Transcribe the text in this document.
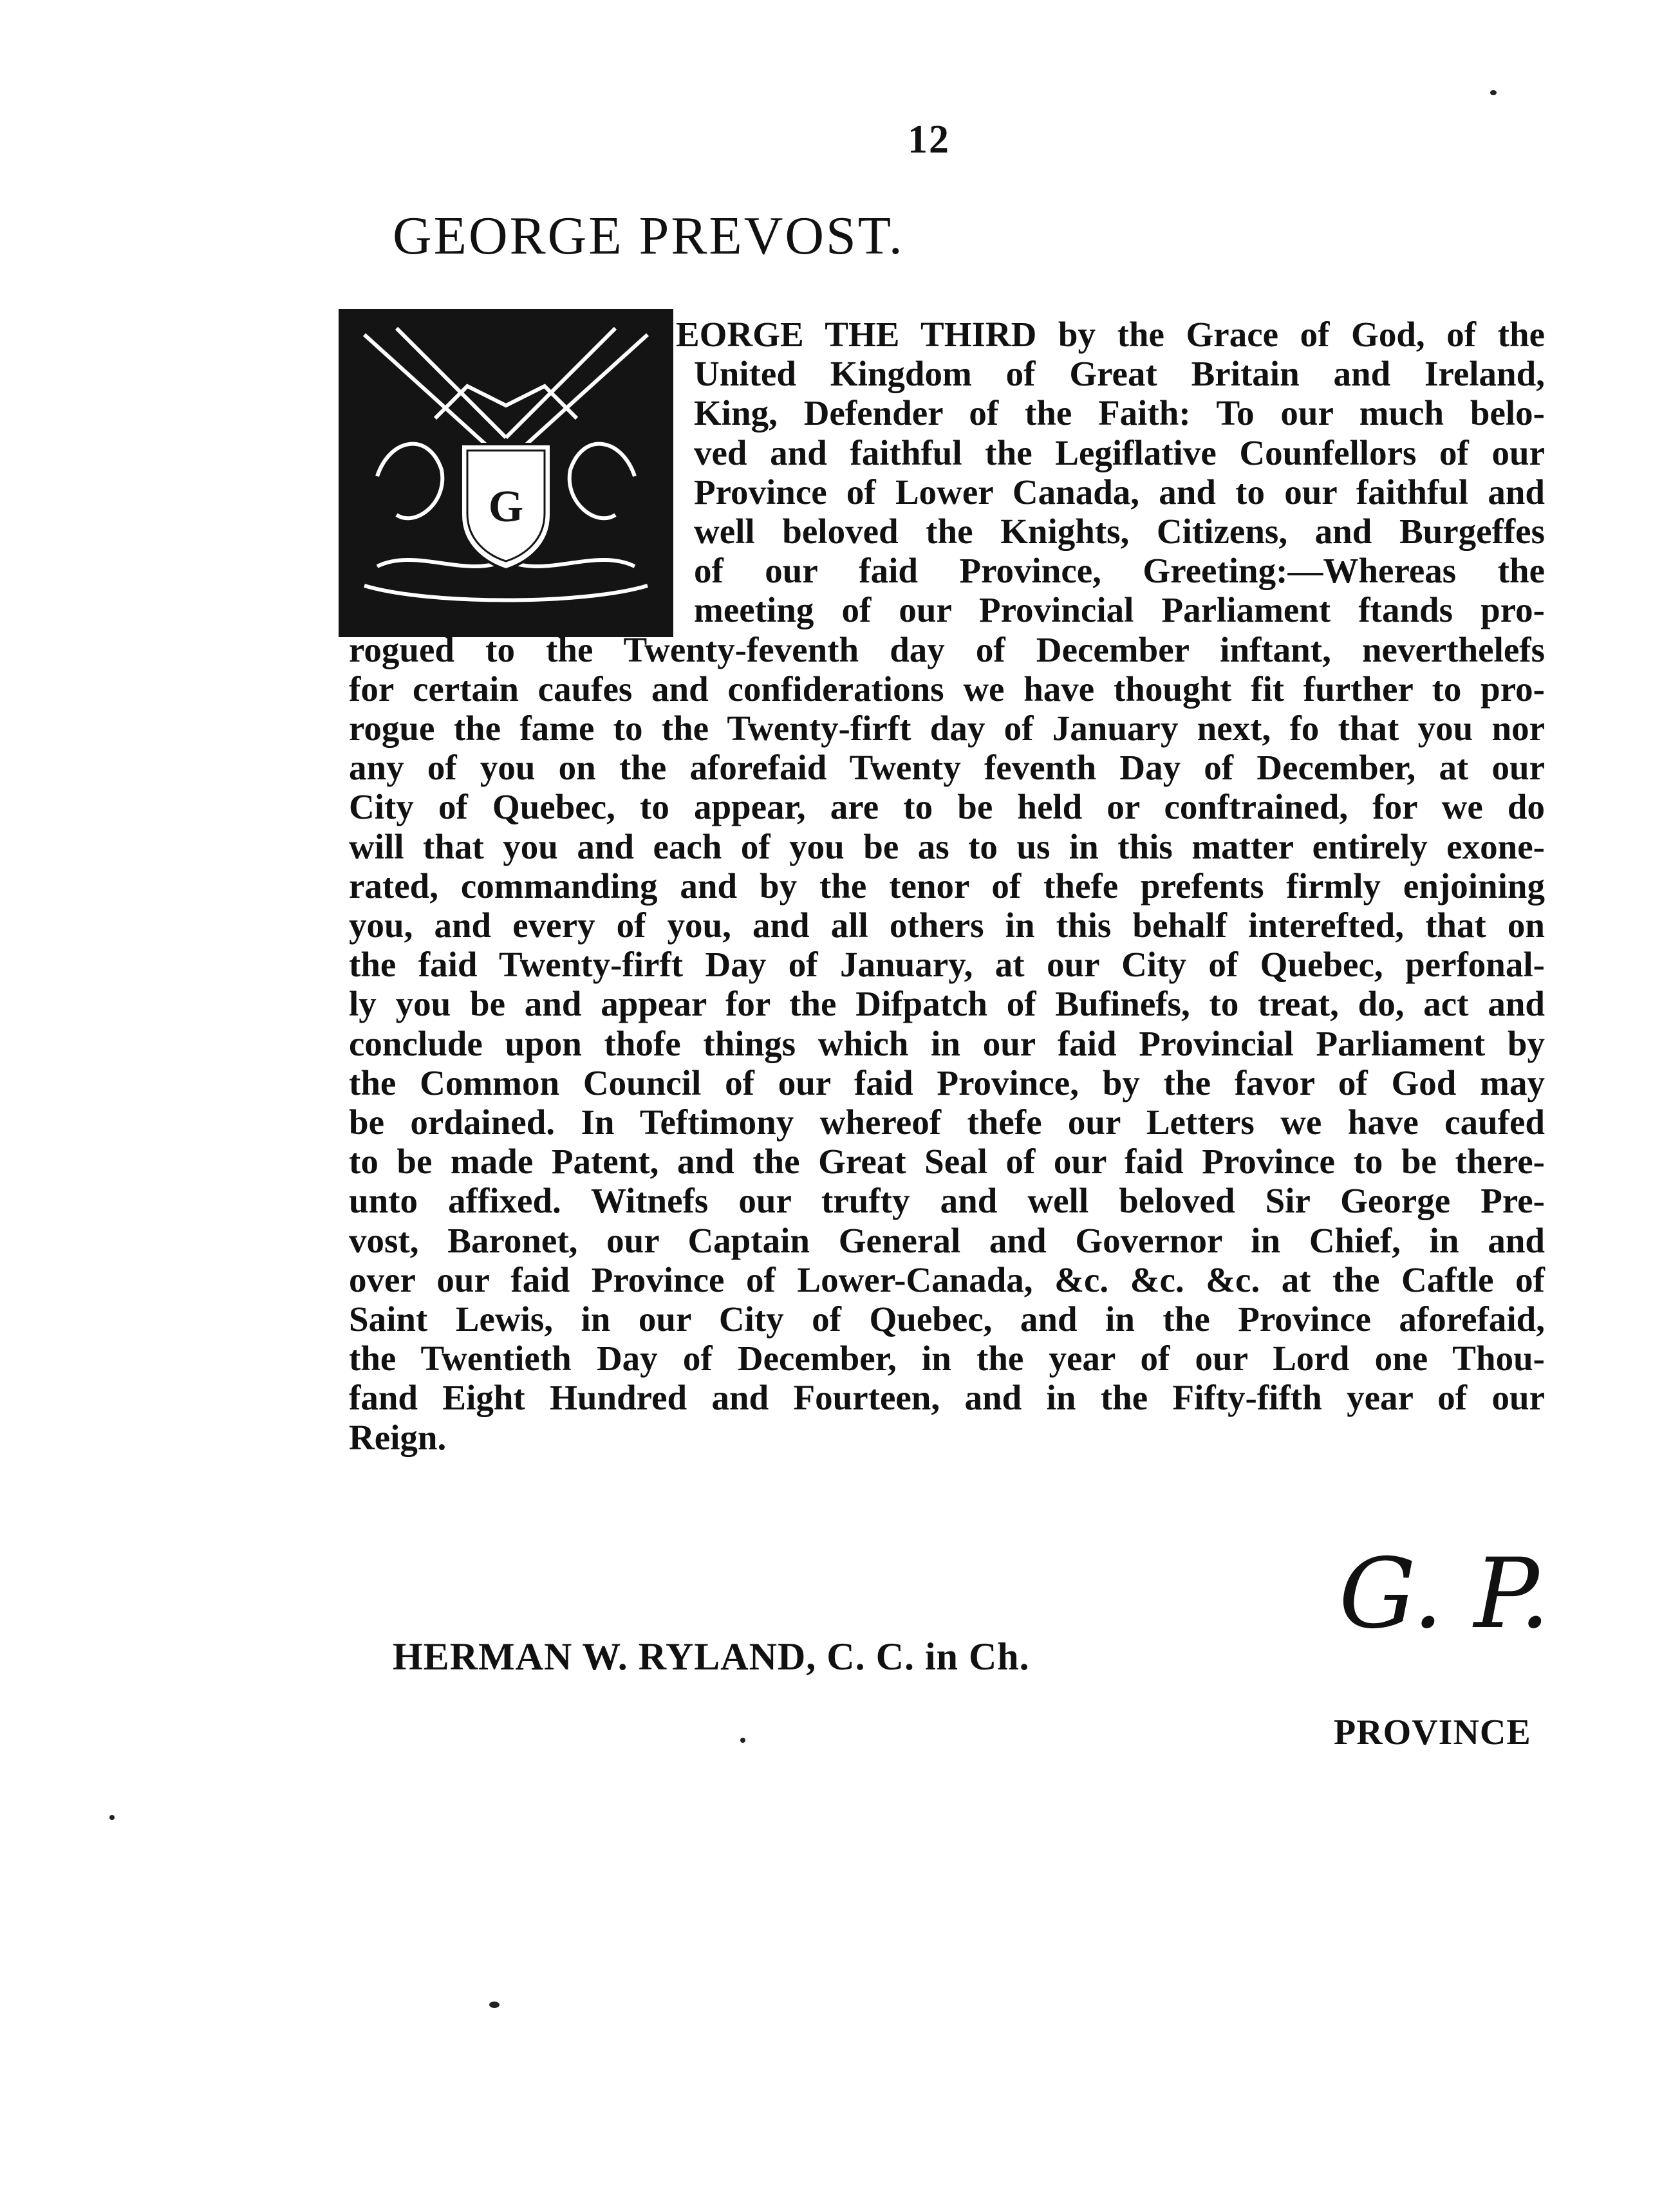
12
GEORGE PREVOST.
G
EORGE THE THIRD by the Grace of God, of the
United Kingdom of Great Britain and Ireland,
King, Defender of the Faith: To our much belo-
ved and faithful the Legiflative Counfellors of our
Province of Lower Canada, and to our faithful and
well beloved the Knights, Citizens, and Burgeffes
of our faid Province, Greeting:—Whereas the
meeting of our Provincial Parliament ftands pro-
rogued to the Twenty-feventh day of December inftant, neverthelefs
for certain caufes and confiderations we have thought fit further to pro-
rogue the fame to the Twenty-firft day of January next, fo that you nor
any of you on the aforefaid Twenty feventh Day of December, at our
City of Quebec, to appear, are to be held or conftrained, for we do
will that you and each of you be as to us in this matter entirely exone-
rated, commanding and by the tenor of thefe prefents firmly enjoining
you, and every of you, and all others in this behalf interefted, that on
the faid Twenty-firft Day of January, at our City of Quebec, perfonal-
ly you be and appear for the Difpatch of Bufinefs, to treat, do, act and
conclude upon thofe things which in our faid Provincial Parliament by
the Common Council of our faid Province, by the favor of God may
be ordained. In Teftimony whereof thefe our Letters we have caufed
to be made Patent, and the Great Seal of our faid Province to be there-
unto affixed. Witnefs our trufty and well beloved Sir George Pre-
vost, Baronet, our Captain General and Governor in Chief, in and
over our faid Province of Lower-Canada, &c. &c. &c. at the Caftle of
Saint Lewis, in our City of Quebec, and in the Province aforefaid,
the Twentieth Day of December, in the year of our Lord one Thou-
fand Eight Hundred and Fourteen, and in the Fifty-fifth year of our
Reign.
G. P.
HERMAN W. RYLAND, C. C. in Ch.
PROVINCE
